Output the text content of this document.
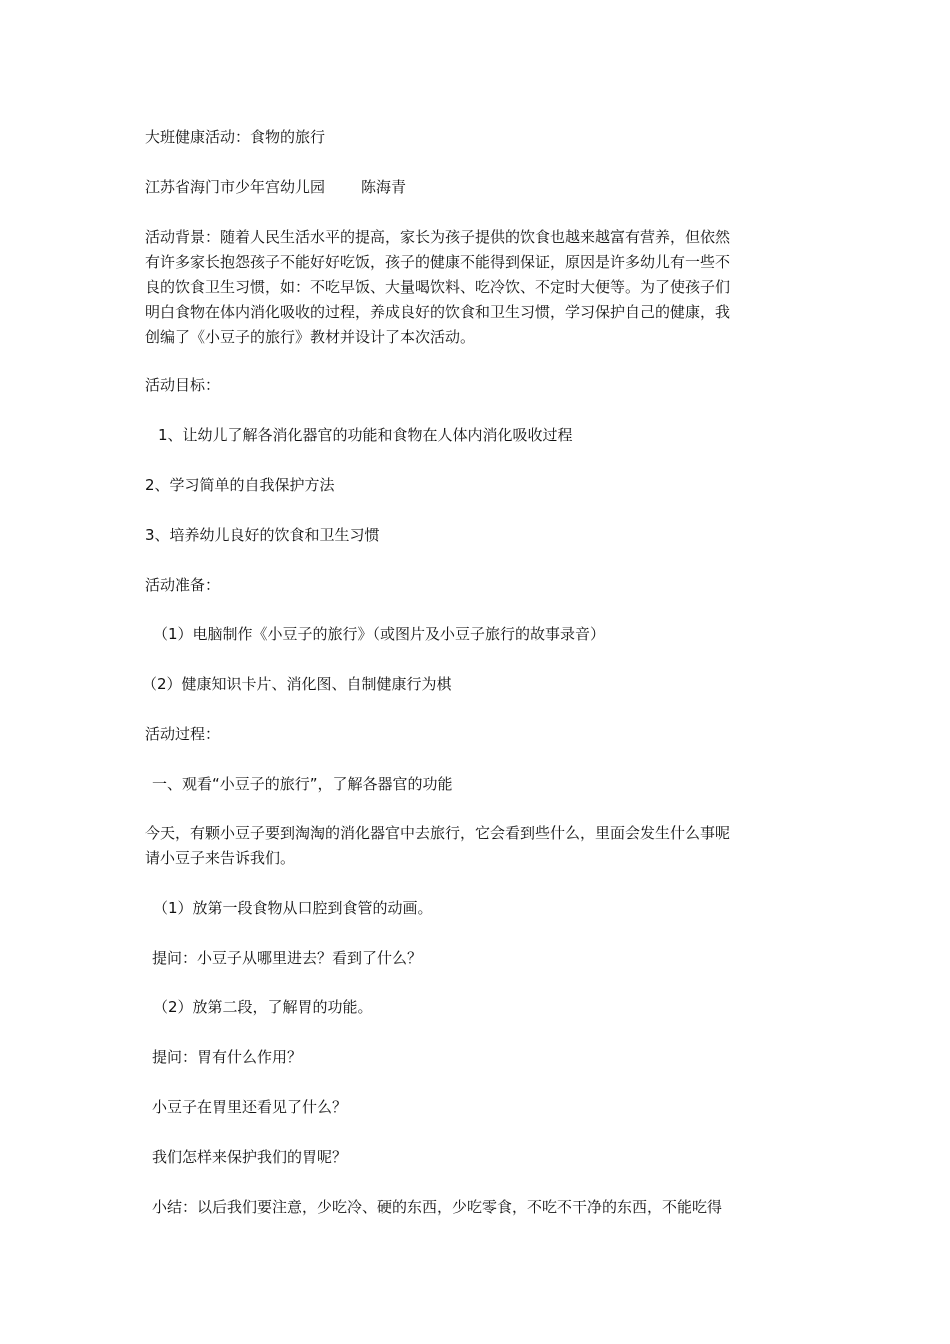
大班健康活动：食物的旅行
江苏省海门市少年宫幼儿园 陈海青
活动背景：随着人民生活水平的提高，家长为孩子提供的饮食也越来越富有营养，但依然
有许多家长抱怨孩子不能好好吃饭，孩子的健康不能得到保证，原因是许多幼儿有一些不
良的饮食卫生习惯，如：不吃早饭、大量喝饮料、吃冷饮、不定时大便等。为了使孩子们
明白食物在体内消化吸收的过程，养成良好的饮食和卫生习惯，学习保护自己的健康，我
创编了《小豆子的旅行》教材并设计了本次活动。
活动目标：
1、让幼儿了解各消化器官的功能和食物在人体内消化吸收过程
2、学习简单的自我保护方法
3、培养幼儿良好的饮食和卫生习惯
活动准备：
（1）电脑制作《小豆子的旅行》（或图片及小豆子旅行的故事录音）
（2）健康知识卡片、消化图、自制健康行为棋
活动过程：
一、观看“小豆子的旅行”，了解各器官的功能
今天，有颗小豆子要到淘淘的消化器官中去旅行，它会看到些什么，里面会发生什么事呢
请小豆子来告诉我们。
（1）放第一段食物从口腔到食管的动画。
提问：小豆子从哪里进去？看到了什么？
（2）放第二段，了解胃的功能。
提问：胃有什么作用？
小豆子在胃里还看见了什么？
我们怎样来保护我们的胃呢？
小结：以后我们要注意，少吃冷、硬的东西，少吃零食，不吃不干净的东西，不能吃得
